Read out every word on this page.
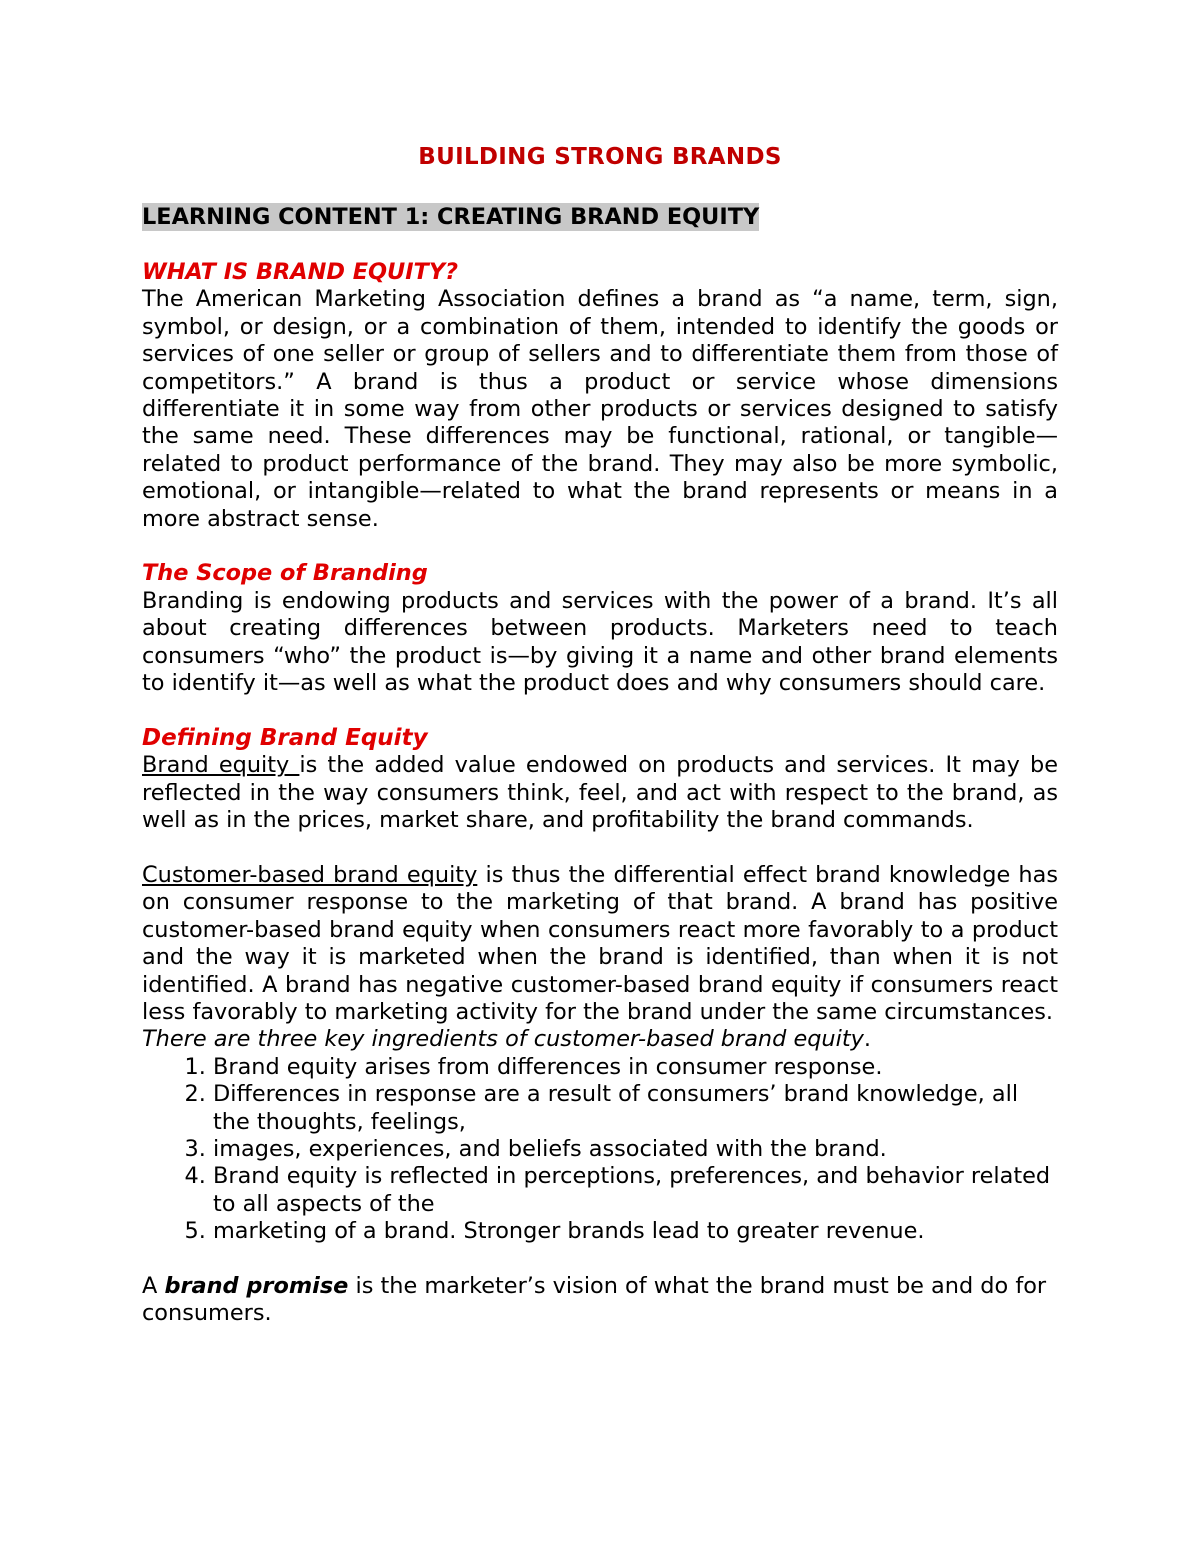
BUILDING STRONG BRANDS
LEARNING CONTENT 1: CREATING BRAND EQUITY
WHAT IS BRAND EQUITY?

The American Marketing Association defines a brand as “a name, term, sign, symbol, or design, or a combination of them, intended to identify the goods or services of one seller or group of sellers and to differentiate them from those of competitors.” A brand is thus a product or service whose dimensions differentiate it in some way from other products or services designed to satisfy the same need. These differences may be functional, rational, or tangible—related to product performance of the brand. They may also be more symbolic, emotional, or intangible—related to what the brand represents or means in a more abstract sense.

The Scope of Branding

Branding is endowing products and services with the power of a brand. It’s all about creating differences between products. Marketers need to teach consumers “who” the product is—by giving it a name and other brand elements to identify it—as well as what the product does and why consumers should care.

Defining Brand Equity

Brand equity is the added value endowed on products and services. It may be reflected in the way consumers think, feel, and act with respect to the brand, as well as in the prices, market share, and profitability the brand commands.

Customer-based brand equity is thus the differential effect brand knowledge has on consumer response to the marketing of that brand. A brand has positive customer-based brand equity when consumers react more favorably to a product and the way it is marketed when the brand is identified, than when it is not identified. A brand has negative customer-based brand equity if consumers react less favorably to marketing activity for the brand under the same circumstances.

There are three key ingredients of customer-based brand equity.

1. Brand equity arises from differences in consumer response.
2. Differences in response are a result of consumers’ brand knowledge, all the thoughts, feelings,
3. images, experiences, and beliefs associated with the brand.
4. Brand equity is reflected in perceptions, preferences, and behavior related to all aspects of the
5. marketing of a brand. Stronger brands lead to greater revenue.

A brand promise is the marketer’s vision of what the brand must be and do for consumers.
